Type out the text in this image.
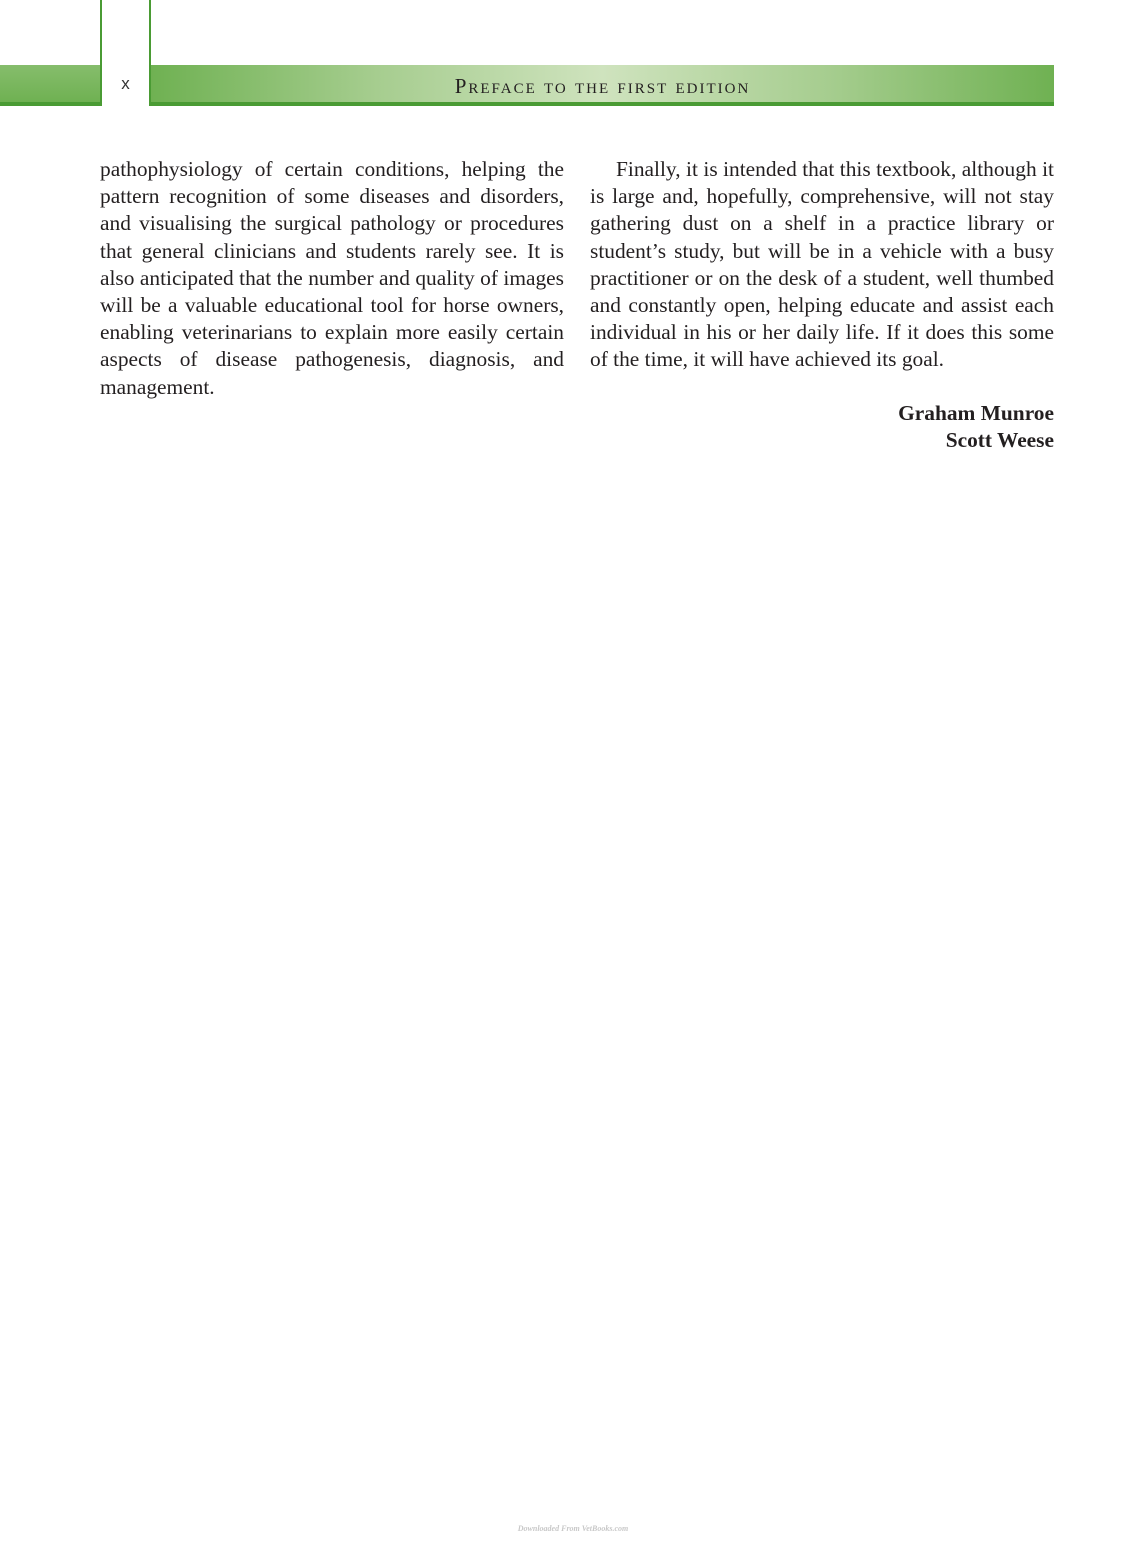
x	Preface to the first edition

pathophysiology of certain conditions, helping the pattern recognition of some diseases and disorders, and visualising the surgical pathology or procedures that general clinicians and students rarely see. It is also anticipated that the number and quality of images will be a valuable educational tool for horse owners, enabling veterinarians to explain more easily certain aspects of disease pathogenesis, diagnosis, and management.

Finally, it is intended that this textbook, although it is large and, hopefully, comprehensive, will not stay gathering dust on a shelf in a practice library or student’s study, but will be in a vehicle with a busy practitioner or on the desk of a student, well thumbed and constantly open, helping educate and assist each individual in his or her daily life. If it does this some of the time, it will have achieved its goal.

Graham Munroe
Scott Weese
Downloaded From VetBooks.com
